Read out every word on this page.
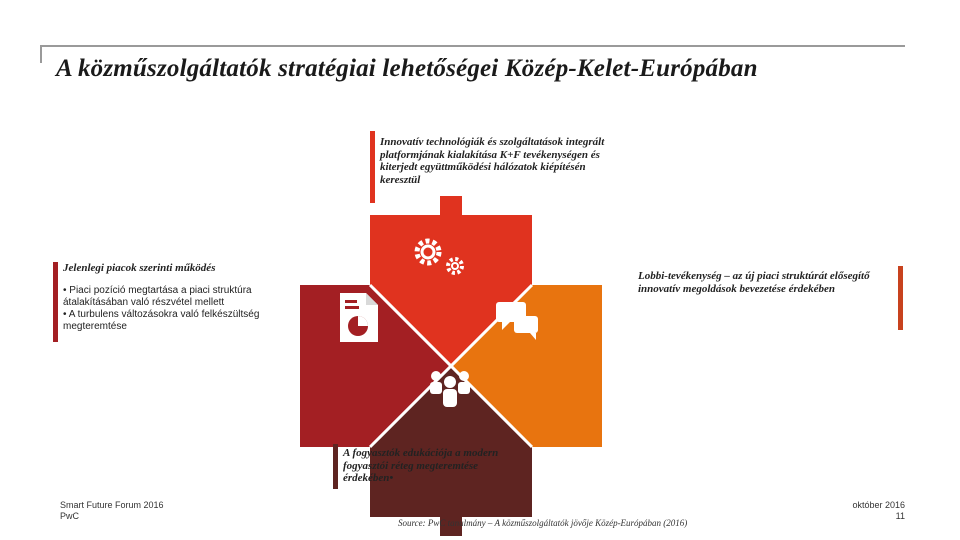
A közműszolgáltatók stratégiai lehetőségei Közép-Kelet-Európában
Innovatív technológiák és szolgáltatások integrált platformjának kialakítása K+F tevékenységen és kiterjedt együttműködési hálózatok kiépítésén keresztül
Lobbi-tevékenység – az új piaci struktúrát elősegítő innovatív megoldások bevezetése érdekében
A fogyasztók edukációja a modern fogyasztói réteg megteremtése érdekében•
Jelenlegi piacok szerinti működés
• Piaci pozíció megtartása a piaci struktúra átalakításában való részvétel mellett
• A turbulens változásokra való felkészültség megteremtése
Smart Future Forum 2016
PwC
Source: PwC tanulmány – A közműszolgáltatók jövője Közép-Európában (2016)
október 2016
11
